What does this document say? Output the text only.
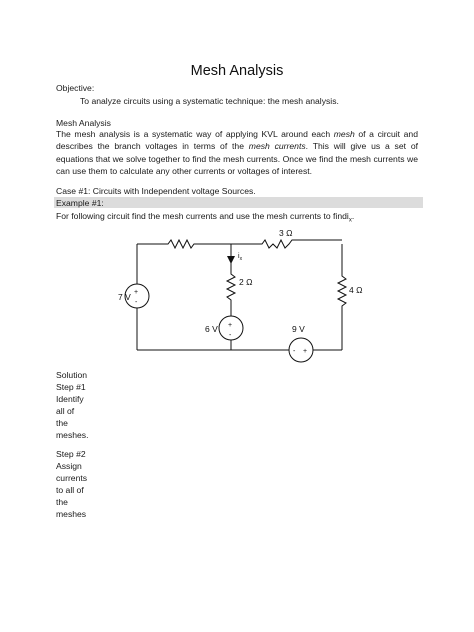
Mesh Analysis
Objective:
To analyze circuits using a systematic technique: the mesh analysis.
Mesh Analysis
The mesh analysis is a systematic way of applying KVL around each mesh of a circuit and describes the branch voltages in terms of the mesh currents. This will give us a set of equations that we solve together to find the mesh currents. Once we find the mesh currents we can use them to calculate any other currents or voltages of interest.
Case #1: Circuits with Independent voltage Sources.
Example #1:
For following circuit find the mesh currents and use the mesh currents to findi$_x$.
3 Ω
2 Ω
4 Ω
7 V
6 V	9 V
$i_x$
+
-
+
-
- +
Solution
Step #1
Identify
all of
the
meshes.
Step #2
Assign
currents
to all of
the
meshes
